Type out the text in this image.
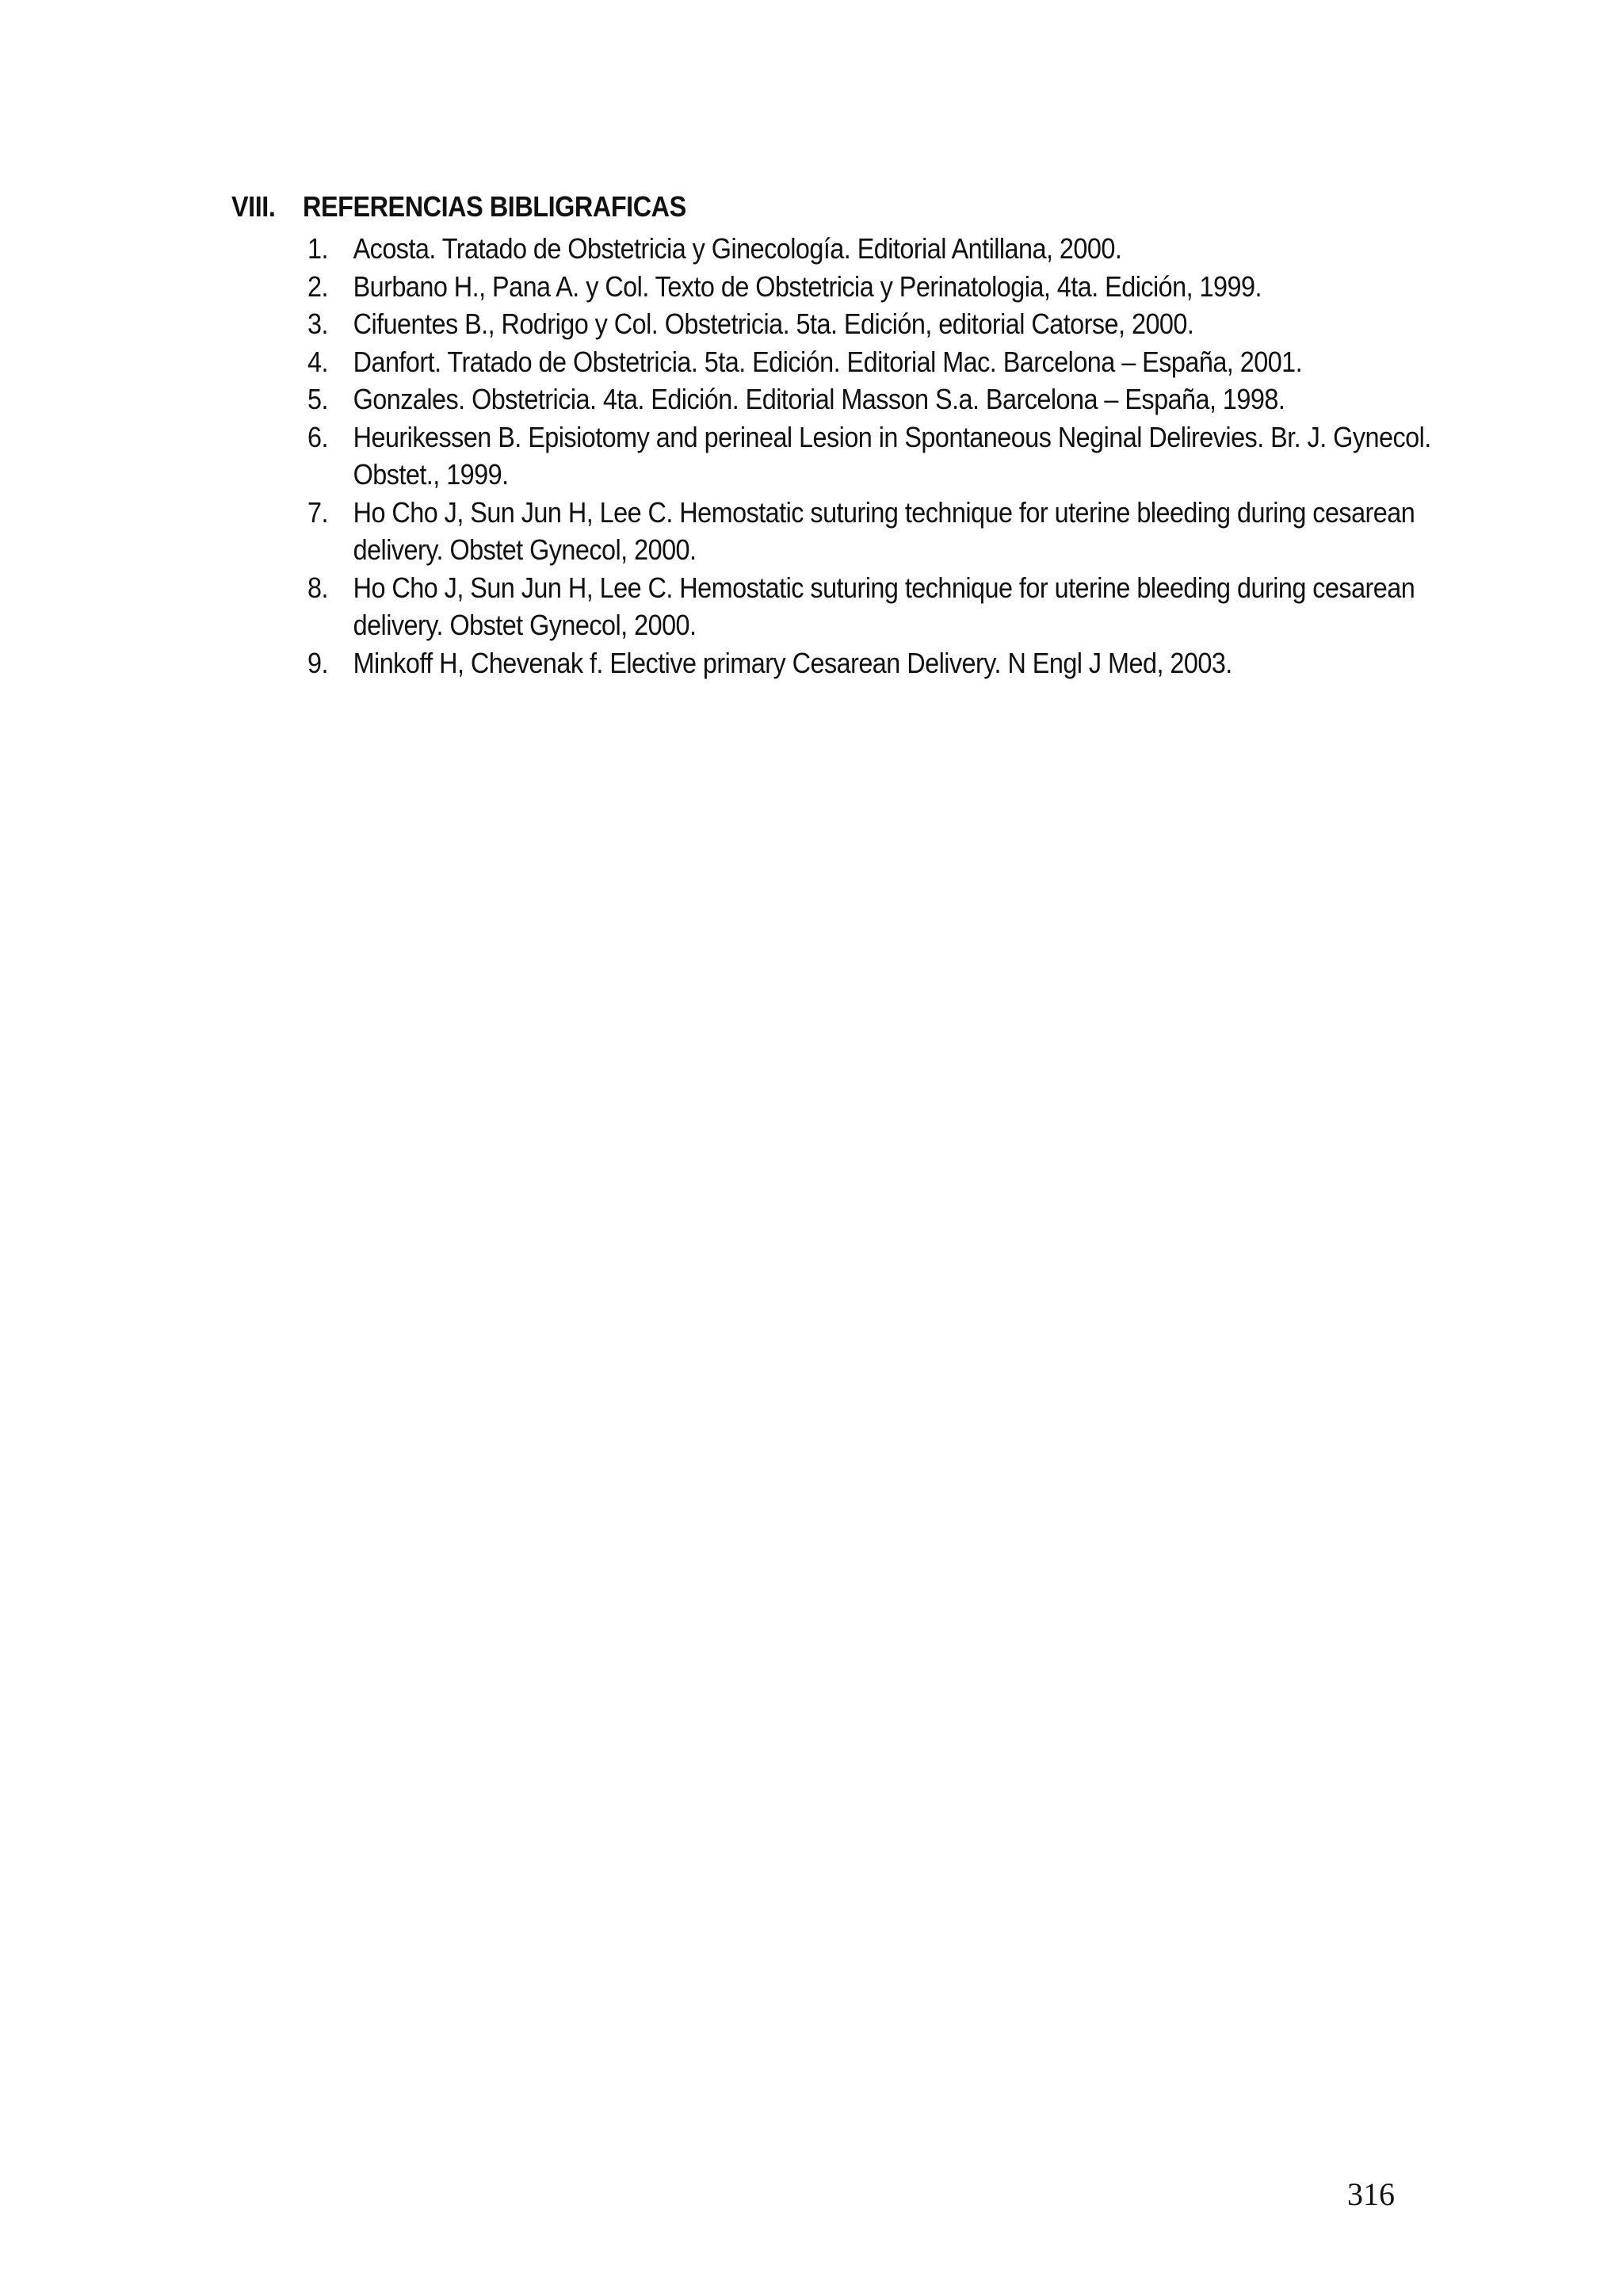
VIII. REFERENCIAS BIBLIGRAFICAS
1. Acosta. Tratado de Obstetricia y Ginecología. Editorial Antillana, 2000.
2. Burbano H., Pana A. y Col. Texto de Obstetricia y Perinatologia, 4ta. Edición, 1999.
3. Cifuentes B., Rodrigo y Col. Obstetricia. 5ta. Edición, editorial Catorse, 2000.
4. Danfort. Tratado de Obstetricia. 5ta. Edición. Editorial Mac. Barcelona – España, 2001.
5. Gonzales. Obstetricia. 4ta. Edición. Editorial Masson S.a. Barcelona – España, 1998.
6. Heurikessen B. Episiotomy and perineal Lesion in Spontaneous Neginal Delirevies. Br. J. Gynecol. Obstet., 1999.
7. Ho Cho J, Sun Jun H, Lee C. Hemostatic suturing technique for uterine bleeding during cesarean delivery. Obstet Gynecol, 2000.
8. Ho Cho J, Sun Jun H, Lee C. Hemostatic suturing technique for uterine bleeding during cesarean delivery. Obstet Gynecol, 2000.
9. Minkoff H, Chevenak f. Elective primary Cesarean Delivery. N Engl J Med, 2003.
316
